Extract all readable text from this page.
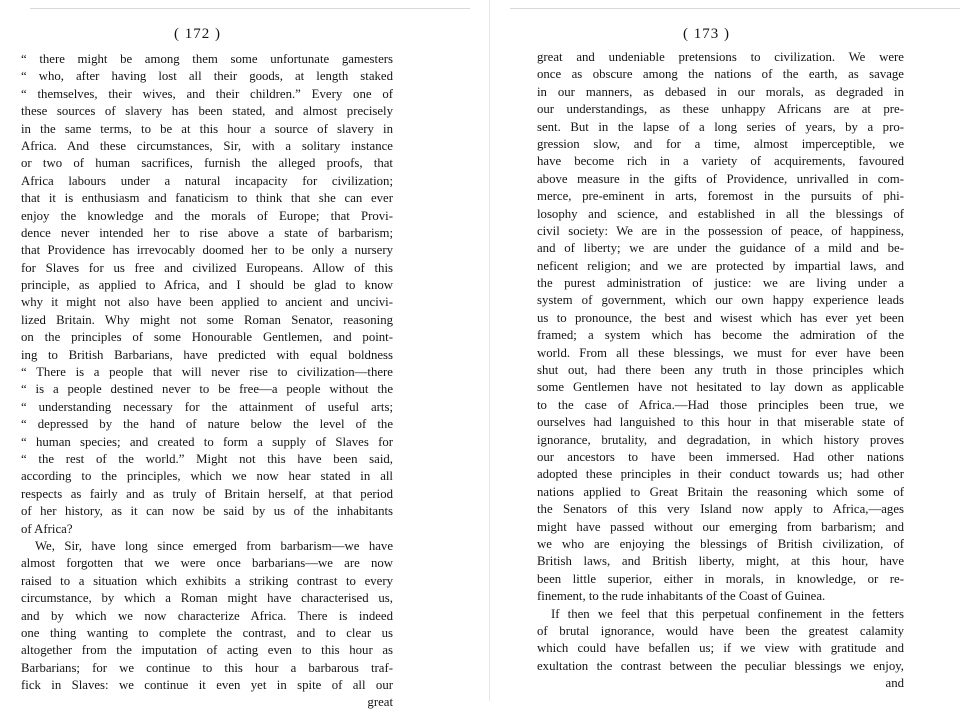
( 172 )
“ there might be among them some unfortunate gamesters
“ who, after having lost all their goods, at length staked
“ themselves, their wives, and their children.” Every one of
these sources of slavery has been stated, and almost precisely
in the same terms, to be at this hour a source of slavery in
Africa. And these circumstances, Sir, with a solitary instance
or two of human sacrifices, furnish the alleged proofs, that
Africa labours under a natural incapacity for civilization;
that it is enthusiasm and fanaticism to think that she can ever
enjoy the knowledge and the morals of Europe; that Provi-
dence never intended her to rise above a state of barbarism;
that Providence has irrevocably doomed her to be only a nursery
for Slaves for us free and civilized Europeans. Allow of this
principle, as applied to Africa, and I should be glad to know
why it might not also have been applied to ancient and uncivi-
lized Britain. Why might not some Roman Senator, reasoning
on the principles of some Honourable Gentlemen, and point-
ing to British Barbarians, have predicted with equal boldness
“ There is a people that will never rise to civilization—there
“ is a people destined never to be free—a people without the
“ understanding necessary for the attainment of useful arts;
“ depressed by the hand of nature below the level of the
“ human species; and created to form a supply of Slaves for
“ the rest of the world.” Might not this have been said,
according to the principles, which we now hear stated in all
respects as fairly and as truly of Britain herself, at that period
of her history, as it can now be said by us of the inhabitants
of Africa?
We, Sir, have long since emerged from barbarism—we have
almost forgotten that we were once barbarians—we are now
raised to a situation which exhibits a striking contrast to every
circumstance, by which a Roman might have characterised us,
and by which we now characterize Africa. There is indeed
one thing wanting to complete the contrast, and to clear us
altogether from the imputation of acting even to this hour as
Barbarians; for we continue to this hour a barbarous traf-
fick in Slaves: we continue it even yet in spite of all our
great
( 173 )
great and undeniable pretensions to civilization. We were
once as obscure among the nations of the earth, as savage
in our manners, as debased in our morals, as degraded in
our understandings, as these unhappy Africans are at pre-
sent. But in the lapse of a long series of years, by a pro-
gression slow, and for a time, almost imperceptible, we
have become rich in a variety of acquirements, favoured
above measure in the gifts of Providence, unrivalled in com-
merce, pre-eminent in arts, foremost in the pursuits of phi-
losophy and science, and established in all the blessings of
civil society: We are in the possession of peace, of happiness,
and of liberty; we are under the guidance of a mild and be-
neficent religion; and we are protected by impartial laws, and
the purest administration of justice: we are living under a
system of government, which our own happy experience leads
us to pronounce, the best and wisest which has ever yet been
framed; a system which has become the admiration of the
world. From all these blessings, we must for ever have been
shut out, had there been any truth in those principles which
some Gentlemen have not hesitated to lay down as applicable
to the case of Africa.—Had those principles been true, we
ourselves had languished to this hour in that miserable state of
ignorance, brutality, and degradation, in which history proves
our ancestors to have been immersed. Had other nations
adopted these principles in their conduct towards us; had other
nations applied to Great Britain the reasoning which some of
the Senators of this very Island now apply to Africa,—ages
might have passed without our emerging from barbarism; and
we who are enjoying the blessings of British civilization, of
British laws, and British liberty, might, at this hour, have
been little superior, either in morals, in knowledge, or re-
finement, to the rude inhabitants of the Coast of Guinea.
If then we feel that this perpetual confinement in the fetters
of brutal ignorance, would have been the greatest calamity
which could have befallen us; if we view with gratitude and
exultation the contrast between the peculiar blessings we enjoy,
and
